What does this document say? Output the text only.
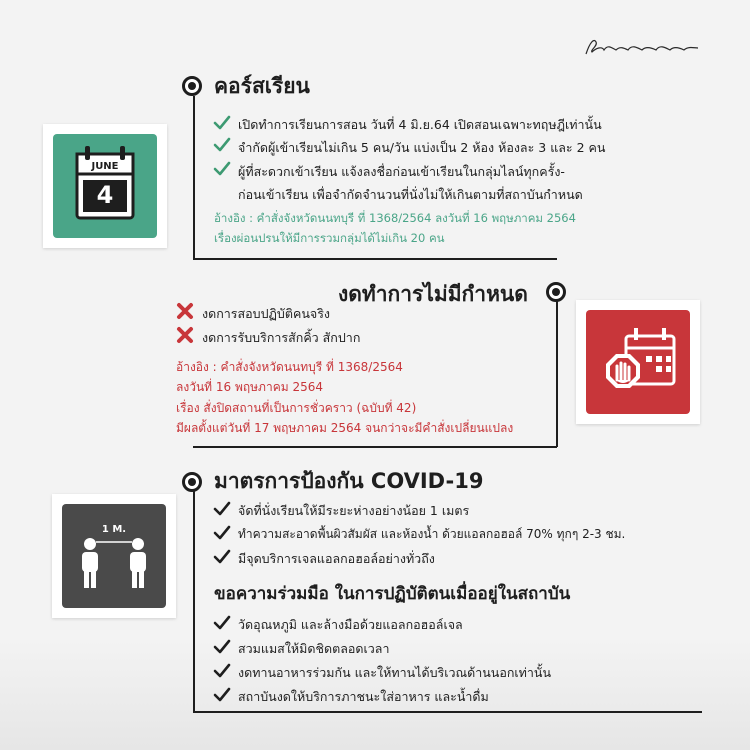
คอร์สเรียน
JUNE
4
เปิดทำการเรียนการสอน วันที่ 4 มิ.ย.64 เปิดสอนเฉพาะทฤษฎีเท่านั้น
จำกัดผู้เข้าเรียนไม่เกิน 5 คน/วัน แบ่งเป็น 2 ห้อง ห้องละ 3 และ 2 คน
ผู้ที่สะดวกเข้าเรียน แจ้งลงชื่อก่อนเข้าเรียนในกลุ่มไลน์ทุกครั้ง-
ก่อนเข้าเรียน เพื่อจำกัดจำนวนที่นั่งไม่ให้เกินตามที่สถาบันกำหนด
อ้างอิง : คำสั่งจังหวัดนนทบุรี ที่ 1368/2564 ลงวันที่ 16 พฤษภาคม 2564
เรื่องผ่อนปรนให้มีการรวมกลุ่มได้ไม่เกิน 20 คน
งดทำการไม่มีกำหนด
งดการสอบปฏิบัติคนจริง
งดการรับบริการสักคิ้ว สักปาก
อ้างอิง : คำสั่งจังหวัดนนทบุรี ที่ 1368/2564
ลงวันที่ 16 พฤษภาคม 2564
เรื่อง สั่งปิดสถานที่เป็นการชั่วคราว (ฉบับที่ 42)
มีผลตั้งแต่วันที่ 17 พฤษภาคม 2564 จนกว่าจะมีคำสั่งเปลี่ยนแปลง
มาตรการป้องกัน COVID-19
1 M.
จัดที่นั่งเรียนให้มีระยะห่างอย่างน้อย 1 เมตร
ทำความสะอาดพื้นผิวสัมผัส และห้องน้ำ ด้วยแอลกอฮอล์ 70% ทุกๆ 2-3 ชม.
มีจุดบริการเจลแอลกอฮอล์อย่างทั่วถึง
ขอความร่วมมือ ในการปฏิบัติตนเมื่ออยู่ในสถาบัน
วัดอุณหภูมิ และล้างมือด้วยแอลกอฮอล์เจล
สวมแมสให้มิดชิดตลอดเวลา
งดทานอาหารร่วมกัน และให้ทานได้บริเวณด้านนอกเท่านั้น
สถาบันงดให้บริการภาชนะใส่อาหาร และน้ำดื่ม
